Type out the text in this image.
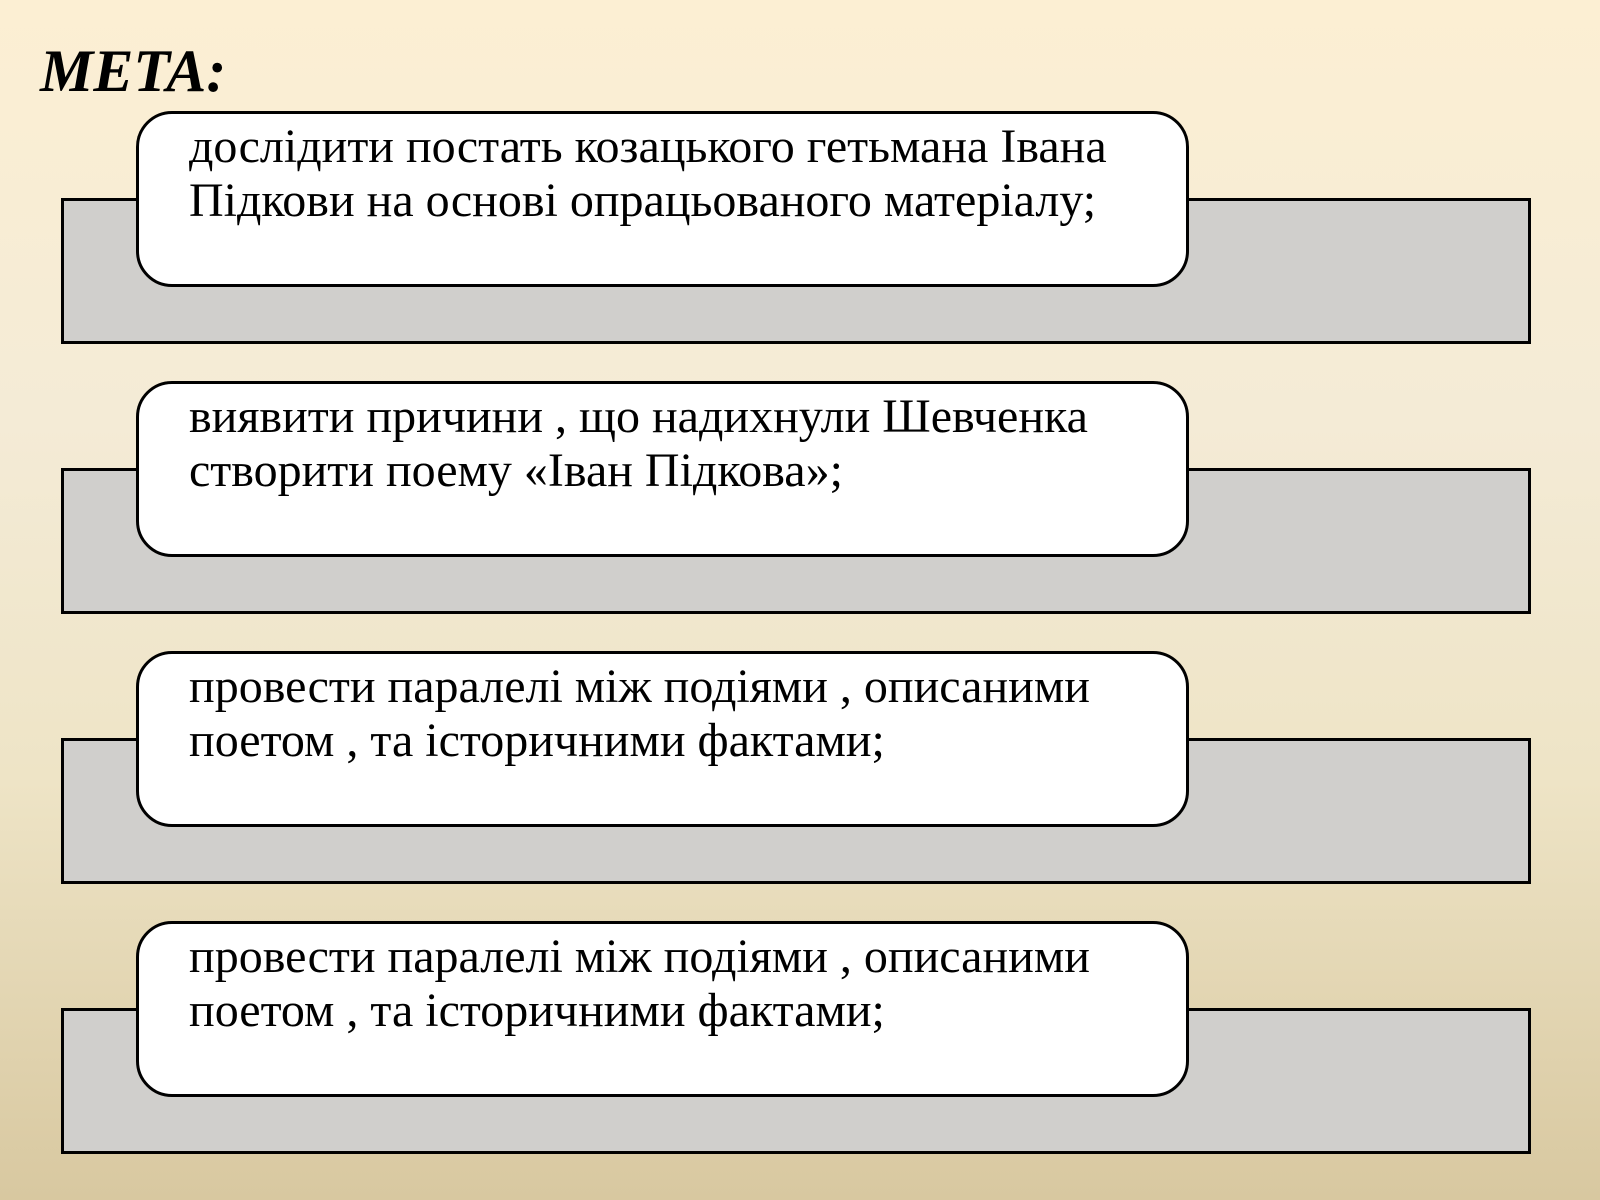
МЕТА:

дослідити постать козацького гетьмана Івана Підкови на основі опрацьованого матеріалу;

виявити причини , що надихнули Шевченка створити поему «Іван Підкова»;

провести паралелі між подіями , описаними поетом , та історичними фактами;

провести паралелі між подіями , описаними поетом , та історичними фактами;
